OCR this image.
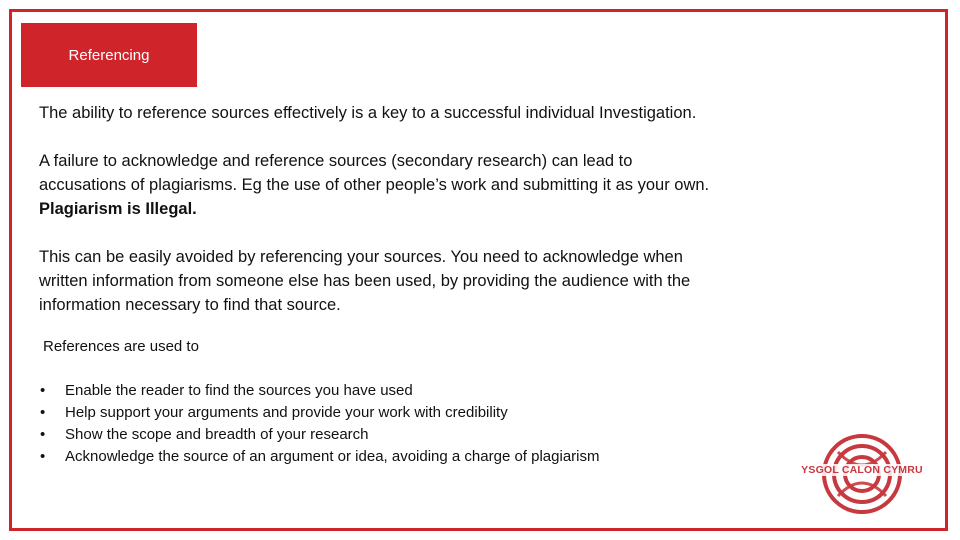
Referencing
The ability to reference sources effectively is a key to a successful individual Investigation.
A failure to acknowledge and reference sources (secondary research) can lead to
accusations of plagiarisms. Eg the use of other people’s work and submitting it as your own.
Plagiarism is Illegal.
This can be easily avoided by referencing your sources. You need to acknowledge when
written information from someone else has been used, by providing the audience with the
information necessary to find that source.
References are used to
•	Enable the reader to find the sources you have used
•	Help support your arguments and provide your work with credibility
•	Show the scope and breadth of your research
•	Acknowledge the source of an argument or idea, avoiding a charge of plagiarism
YSGOL CALON CYMRU
